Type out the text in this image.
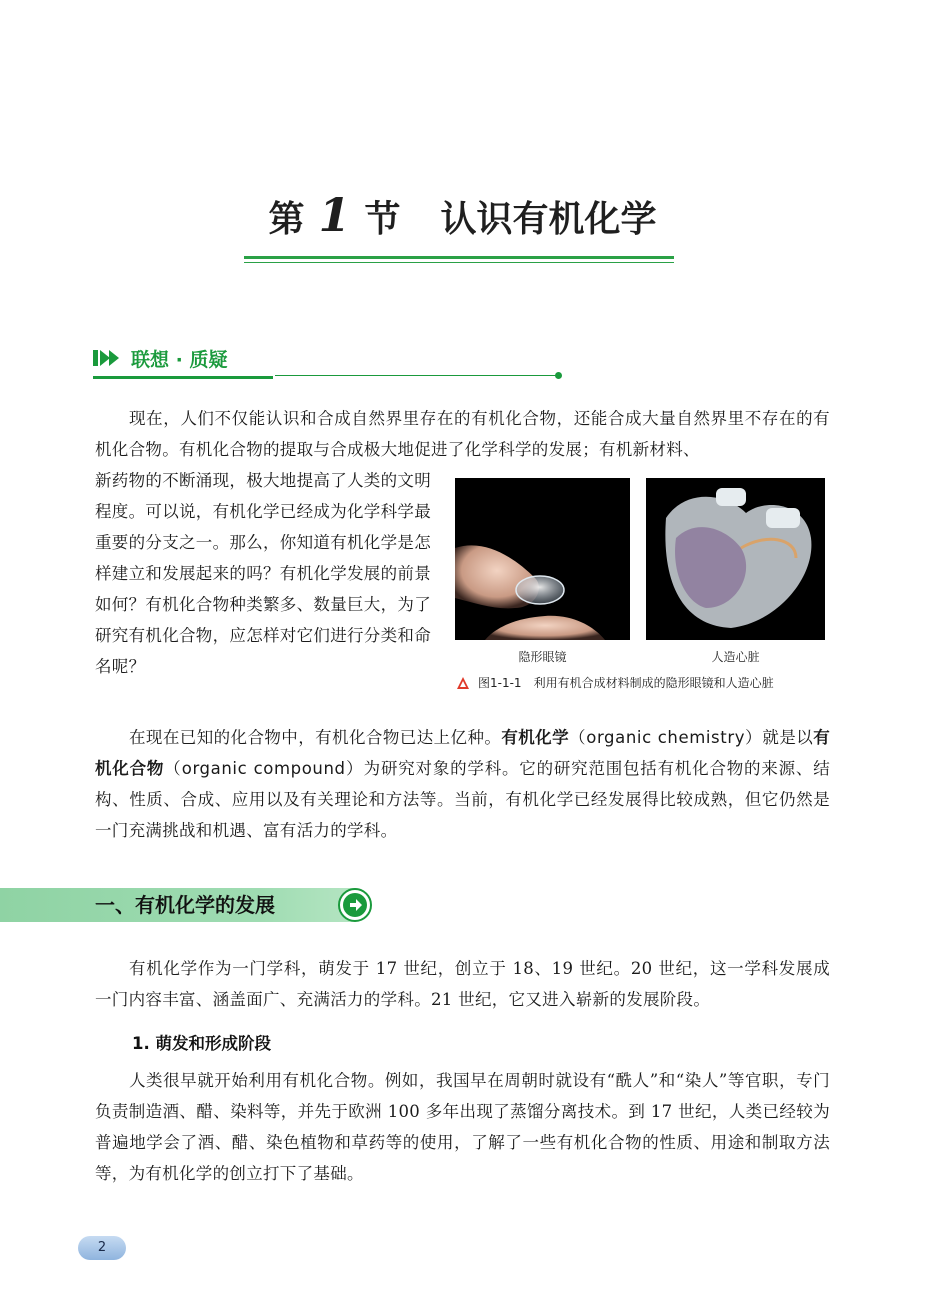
第 1 节 认识有机化学
联想 · 质疑
现在，人们不仅能认识和合成自然界里存在的有机化合物，还能合成大量自然界里不存在的有机化合物。有机化合物的提取与合成极大地促进了化学科学的发展；有机新材料、
新药物的不断涌现，极大地提高了人类的文明程度。可以说，有机化学已经成为化学科学最重要的分支之一。那么，你知道有机化学是怎样建立和发展起来的吗？有机化学发展的前景如何？有机化合物种类繁多、数量巨大，为了研究有机化合物，应怎样对它们进行分类和命名呢？	隐形眼镜	人造心脏
图1-1-1　利用有机合成材料制成的隐形眼镜和人造心脏
在现在已知的化合物中，有机化合物已达上亿种。有机化学（organic chemistry）就是以有机化合物（organic compound）为研究对象的学科。它的研究范围包括有机化合物的来源、结构、性质、合成、应用以及有关理论和方法等。当前，有机化学已经发展得比较成熟，但它仍然是一门充满挑战和机遇、富有活力的学科。
一、有机化学的发展
有机化学作为一门学科，萌发于 17 世纪，创立于 18、19 世纪。20 世纪，这一学科发展成一门内容丰富、涵盖面广、充满活力的学科。21 世纪，它又进入崭新的发展阶段。
1. 萌发和形成阶段
人类很早就开始利用有机化合物。例如，我国早在周朝时就设有“酰人”和“染人”等官职，专门负责制造酒、醋、染料等，并先于欧洲 100 多年出现了蒸馏分离技术。到 17 世纪，人类已经较为普遍地学会了酒、醋、染色植物和草药等的使用，了解了一些有机化合物的性质、用途和制取方法等，为有机化学的创立打下了基础。
2
